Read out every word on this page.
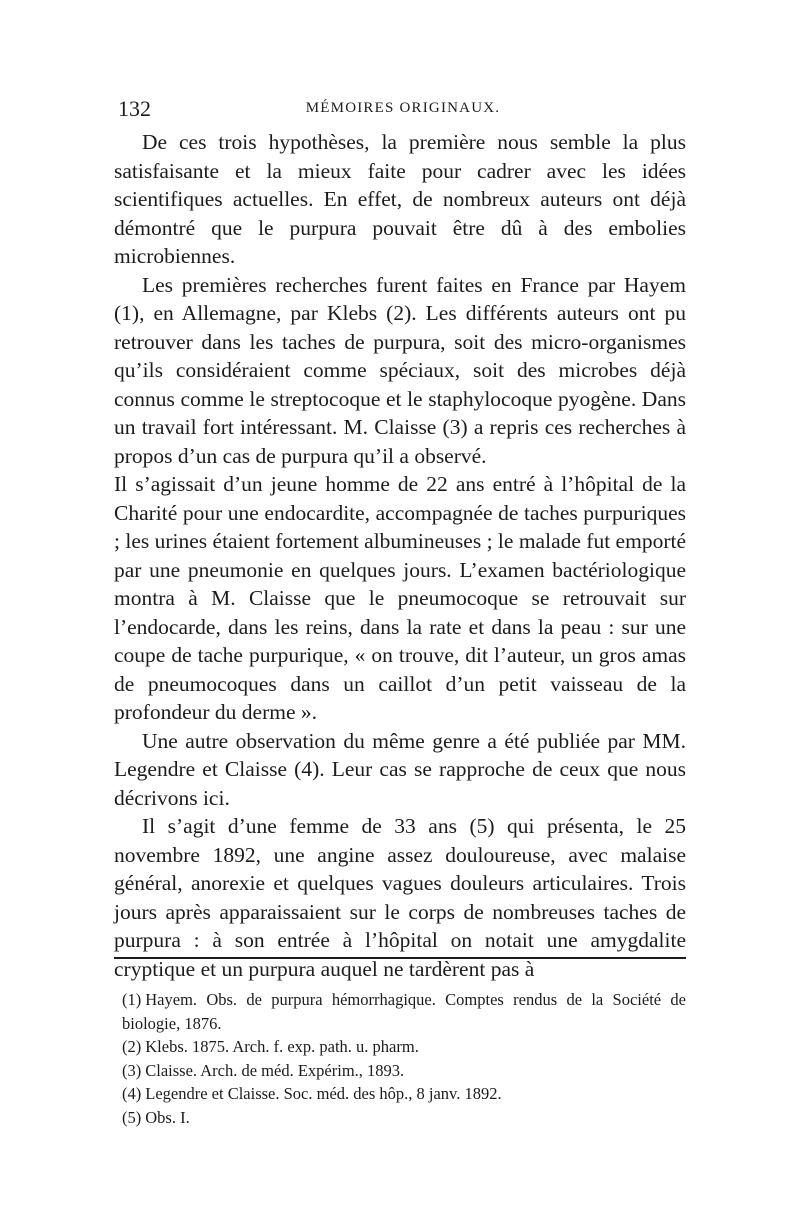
132	MÉMOIRES ORIGINAUX.

De ces trois hypothèses, la première nous semble la plus satisfaisante et la mieux faite pour cadrer avec les idées scientifiques actuelles. En effet, de nombreux auteurs ont déjà démontré que le purpura pouvait être dû à des embolies microbiennes.

Les premières recherches furent faites en France par Hayem (1), en Allemagne, par Klebs (2). Les différents auteurs ont pu retrouver dans les taches de purpura, soit des micro-organismes qu’ils considéraient comme spéciaux, soit des microbes déjà connus comme le streptocoque et le staphylocoque pyogène. Dans un travail fort intéressant. M. Claisse (3) a repris ces recherches à propos d’un cas de purpura qu’il a observé.

Il s’agissait d’un jeune homme de 22 ans entré à l’hôpital de la Charité pour une endocardite, accompagnée de taches purpuriques ; les urines étaient fortement albumineuses ; le malade fut emporté par une pneumonie en quelques jours. L’examen bactériologique montra à M. Claisse que le pneumocoque se retrouvait sur l’endocarde, dans les reins, dans la rate et dans la peau : sur une coupe de tache purpurique, « on trouve, dit l’auteur, un gros amas de pneumocoques dans un caillot d’un petit vaisseau de la profondeur du derme ».

Une autre observation du même genre a été publiée par MM. Legendre et Claisse (4). Leur cas se rapproche de ceux que nous décrivons ici.

Il s’agit d’une femme de 33 ans (5) qui présenta, le 25 novembre 1892, une angine assez douloureuse, avec malaise général, anorexie et quelques vagues douleurs articulaires. Trois jours après apparaissaient sur le corps de nombreuses taches de purpura : à son entrée à l’hôpital on notait une amygdalite cryptique et un purpura auquel ne tardèrent pas à

(1) Hayem. Obs. de purpura hémorrhagique. Comptes rendus de la Société de biologie, 1876.

(2) Klebs. 1875. Arch. f. exp. path. u. pharm.

(3) Claisse. Arch. de méd. Expérim., 1893.

(4) Legendre et Claisse. Soc. méd. des hôp., 8 janv. 1892.

(5) Obs. I.
